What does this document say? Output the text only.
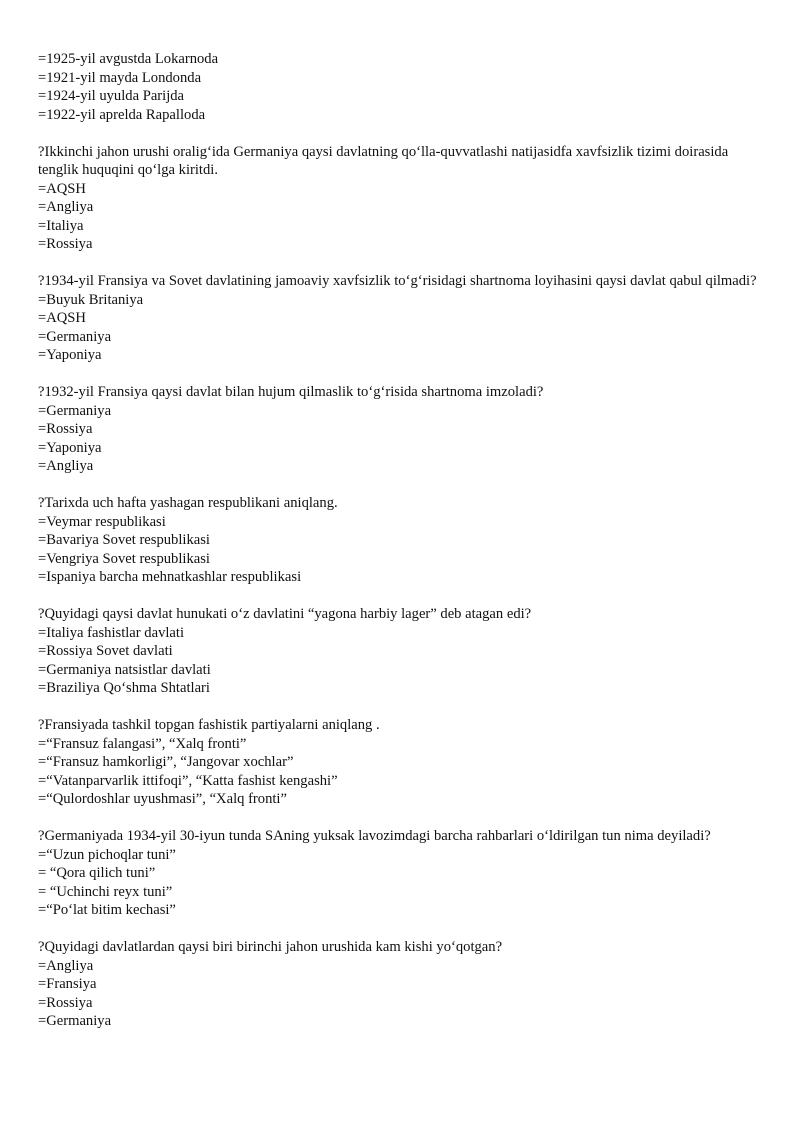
=1925-yil avgustda Lokarnoda
=1921-yil mayda Londonda
=1924-yil uyulda Parijda
=1922-yil aprelda Rapalloda
?Ikkinchi jahon urushi oralig‘ida Germaniya qaysi davlatning qo‘lla-quvvatlashi natijasidfa xavfsizlik tizimi doirasida tenglik huquqini qo‘lga kiritdi.
=AQSH
=Angliya
=Italiya
=Rossiya
?1934-yil Fransiya va Sovet davlatining jamoaviy xavfsizlik to‘g‘risidagi shartnoma loyihasini qaysi davlat qabul qilmadi?
=Buyuk Britaniya
=AQSH
=Germaniya
=Yaponiya
?1932-yil Fransiya qaysi davlat bilan hujum qilmaslik to‘g‘risida shartnoma imzoladi?
=Germaniya
=Rossiya
=Yaponiya
=Angliya
?Tarixda uch hafta yashagan respublikani aniqlang.
=Veymar respublikasi
=Bavariya Sovet respublikasi
=Vengriya Sovet respublikasi
=Ispaniya barcha mehnatkashlar respublikasi
?Quyidagi qaysi davlat hunukati o‘z davlatini “yagona harbiy lager” deb atagan edi?
=Italiya fashistlar davlati
=Rossiya Sovet davlati
=Germaniya natsistlar davlati
=Braziliya Qo‘shma Shtatlari
?Fransiyada tashkil topgan fashistik partiyalarni aniqlang .
=“Fransuz falangasi”, “Xalq fronti”
=“Fransuz hamkorligi”, “Jangovar xochlar”
=“Vatanparvarlik ittifoqi”, “Katta fashist kengashi”
=“Qulordoshlar uyushmasi”, “Xalq fronti”
?Germaniyada 1934-yil 30-iyun tunda SAning yuksak lavozimdagi barcha rahbarlari o‘ldirilgan tun nima deyiladi?
=“Uzun pichoqlar tuni”
= “Qora qilich tuni”
= “Uchinchi reyx tuni”
=“Po‘lat bitim kechasi”
?Quyidagi davlatlardan qaysi biri birinchi jahon urushida kam kishi yo‘qotgan?
=Angliya
=Fransiya
=Rossiya
=Germaniya
